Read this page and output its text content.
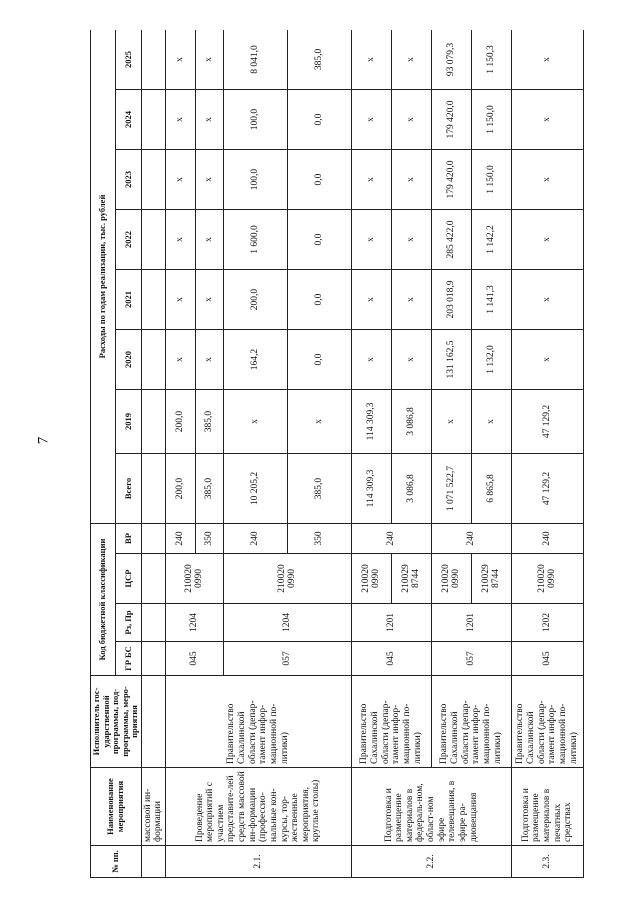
7
№ пп.	Наименование мероприятия	Исполнитель гос-ударственной программы, под-программы, меро-приятия	Код бюджетной классификации				Расходы по годам реализации, тыс. рублей							
			ГР БС	Рз, Пр	ЦСР	ВР	Всего	2019	2020	2021	2022	2023	2024	2025
	массовой ин-формации													
2.1.	Проведение мероприятий с участием представите-лей средств массовой ин-формации (профессио-нальные кон-курсы, тор-жественные мероприятия, круглые столы)	Правительство Сахалинской области (депар-тамент инфор-мационной по-литики)	045	1204	210020 0990	240	200,0	200,0	х	х	х	х	х	х
						350	385,0	385,0	х	х	х	х	х	х
			057	1204	210020 0990	240	10 205,2	х	164,2	200,0	1 600,0	100,0	100,0	8 041,0
						350	385,0	х	0,0	0,0	0,0	0,0	0,0	385,0
2.2.	Подготовка и размещение материалов в федераль-ном, област-ном эфире телевещания, в эфире ра-диовещания	Правительство Сахалинской области (депар-тамент инфор-мационной по-литики)	045	1201	210020 0990	240	114 309,3	114 309,3	х	х	х	х	х	х
					210029 8744		3 086,8	3 086,8	х	х	х	х	х	х
		Правительство Сахалинской области (депар-тамент инфор-мационной по-литики)	057	1201	210020 0990	240	1 071 522,7	х	131 162,5	203 018,9	285 422,0	179 420,0	179 420,0	93 079,3
					210029 8744		6 865,8	х	1 132,0	1 141,3	1 142,2	1 150,0	1 150,0	1 150,3
2.3.	Подготовка и размещение материалов в печатных средствах	Правительство Сахалинской области (депар-тамент инфор-мационной по-литики)	045	1202	210020 0990	240	47 129,2	47 129,2	х	х	х	х	х	х
